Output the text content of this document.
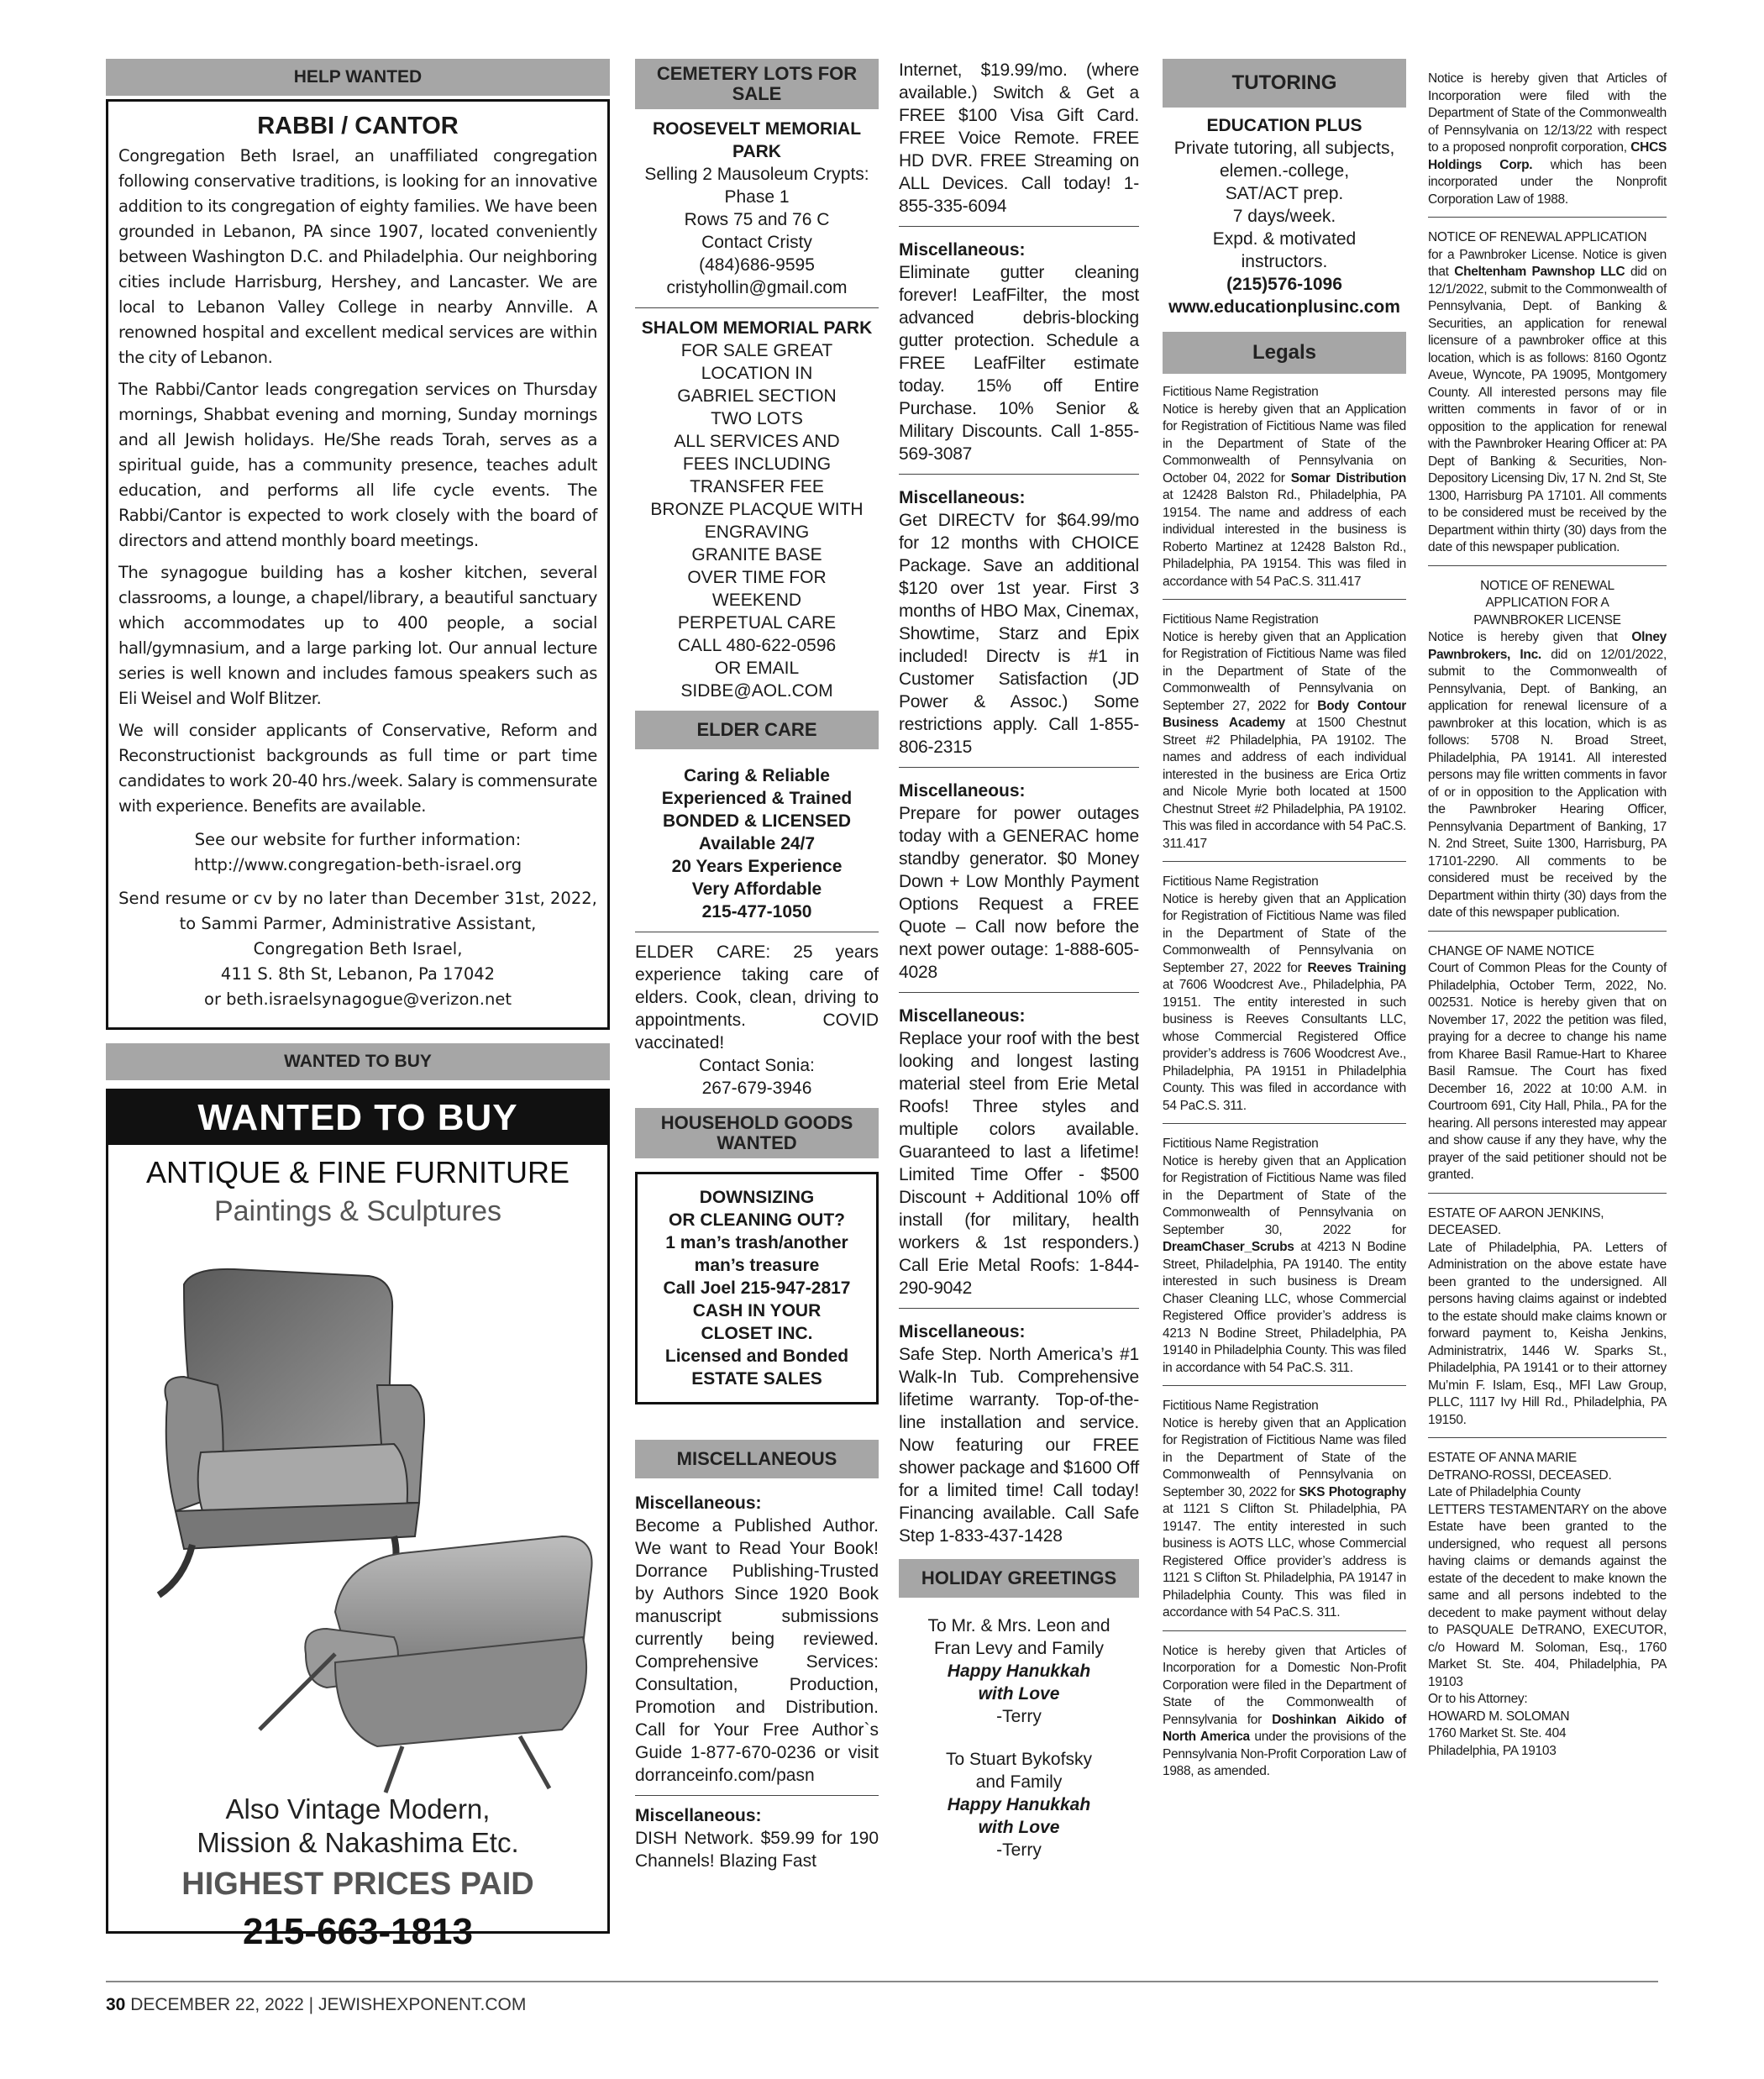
HELP WANTED
RABBI / CANTOR

Congregation Beth Israel, an unaffiliated congregation following conservative traditions, is looking for an innovative addition to its congregation of eighty families. We have been grounded in Lebanon, PA since 1907, located conveniently between Washington D.C. and Philadelphia. Our neighboring cities include Harrisburg, Hershey, and Lancaster. We are local to Lebanon Valley College in nearby Annville. A renowned hospital and excellent medical services are within the city of Lebanon.

The Rabbi/Cantor leads congregation services on Thursday mornings, Shabbat evening and morning, Sunday mornings and all Jewish holidays. He/She reads Torah, serves as a spiritual guide, has a community presence, teaches adult education, and performs all life cycle events. The Rabbi/Cantor is expected to work closely with the board of directors and attend monthly board meetings.

The synagogue building has a kosher kitchen, several classrooms, a lounge, a chapel/library, a beautiful sanctuary which accommodates up to 400 people, a social hall/gymnasium, and a large parking lot. Our annual lecture series is well known and includes famous speakers such as Eli Weisel and Wolf Blitzer.

We will consider applicants of Conservative, Reform and Reconstructionist backgrounds as full time or part time candidates to work 20-40 hrs./week. Salary is commensurate with experience. Benefits are available.

See our website for further information:
http://www.congregation-beth-israel.org
Send resume or cv by no later than December 31st, 2022,
to Sammi Parmer, Administrative Assistant,
Congregation Beth Israel,
411 S. 8th St, Lebanon, Pa 17042
or beth.israelsynagogue@verizon.net
WANTED TO BUY
WANTED TO BUY
ANTIQUE & FINE FURNITURE
Paintings & Sculptures
Also Vintage Modern,
Mission & Nakashima Etc.
HIGHEST PRICES PAID
215-663-1813
CEMETERY LOTS FOR SALE
ROOSEVELT MEMORIAL PARK
Selling 2 Mausoleum Crypts:
Phase 1
Rows 75 and 76 C
Contact Cristy
(484)686-9595
cristyhollin@gmail.com
SHALOM MEMORIAL PARK
FOR SALE GREAT
LOCATION IN
GABRIEL SECTION
TWO LOTS
ALL SERVICES AND
FEES INCLUDING
TRANSFER FEE
BRONZE PLACQUE WITH
ENGRAVING
GRANITE BASE
OVER TIME FOR
WEEKEND
PERPETUAL CARE
CALL 480-622-0596
OR EMAIL
SIDBE@AOL.COM
ELDER CARE
Caring & Reliable
Experienced & Trained
BONDED & LICENSED
Available 24/7
20 Years Experience
Very Affordable
215-477-1050
ELDER CARE: 25 years experience taking care of elders. Cook, clean, driving to appointments. COVID vaccinated!
Contact Sonia:
267-679-3946
HOUSEHOLD GOODS WANTED
DOWNSIZING
OR CLEANING OUT?
1 man’s trash/another
man’s treasure
Call Joel 215-947-2817
CASH IN YOUR
CLOSET INC.
Licensed and Bonded
ESTATE SALES
MISCELLANEOUS
Miscellaneous:
Become a Published Author. We want to Read Your Book! Dorrance Publishing-Trusted by Authors Since 1920 Book manuscript submissions currently being reviewed. Comprehensive Services: Consultation, Production, Promotion and Distribution. Call for Your Free Author`s Guide 1-877-670-0236 or visit dorranceinfo.com/pasn
Miscellaneous:
DISH Network. $59.99 for 190 Channels! Blazing Fast
Internet, $19.99/mo. (where available.) Switch & Get a FREE $100 Visa Gift Card. FREE Voice Remote. FREE HD DVR. FREE Streaming on ALL Devices. Call today! 1-855-335-6094
Miscellaneous:
Eliminate gutter cleaning forever! LeafFilter, the most advanced debris-blocking gutter protection. Schedule a FREE LeafFilter estimate today. 15% off Entire Purchase. 10% Senior & Military Discounts. Call 1-855-569-3087
Miscellaneous:
Get DIRECTV for $64.99/mo for 12 months with CHOICE Package. Save an additional $120 over 1st year. First 3 months of HBO Max, Cinemax, Showtime, Starz and Epix included! Directv is #1 in Customer Satisfaction (JD Power & Assoc.) Some restrictions apply. Call 1-855-806-2315
Miscellaneous:
Prepare for power outages today with a GENERAC home standby generator. $0 Money Down + Low Monthly Payment Options Request a FREE Quote – Call now before the next power outage: 1-888-605-4028
Miscellaneous:
Replace your roof with the best looking and longest lasting material steel from Erie Metal Roofs! Three styles and multiple colors available. Guaranteed to last a lifetime! Limited Time Offer - $500 Discount + Additional 10% off install (for military, health workers & 1st responders.) Call Erie Metal Roofs: 1-844-290-9042
Miscellaneous:
Safe Step. North America’s #1 Walk-In Tub. Comprehensive lifetime warranty. Top-of-the-line installation and service. Now featuring our FREE shower package and $1600 Off for a limited time! Call today! Financing available. Call Safe Step 1-833-437-1428
HOLIDAY GREETINGS
To Mr. & Mrs. Leon and
Fran Levy and Family
Happy Hanukkah
with Love
-Terry
To Stuart Bykofsky
and Family
Happy Hanukkah
with Love
-Terry
TUTORING
EDUCATION PLUS
Private tutoring, all subjects,
elemen.-college,
SAT/ACT prep.
7 days/week.
Expd. & motivated
instructors.
(215)576-1096
www.educationplusinc.com
Legals
Fictitious Name Registration
Notice is hereby given that an Application for Registration of Fictitious Name was filed in the Department of State of the Commonwealth of Pennsylvania on October 04, 2022 for Somar Distribution at 12428 Balston Rd., Philadelphia, PA 19154. The name and address of each individual interested in the business is Roberto Martinez at 12428 Balston Rd., Philadelphia, PA 19154. This was filed in accordance with 54 PaC.S. 311.417
Fictitious Name Registration
Notice is hereby given that an Application for Registration of Fictitious Name was filed in the Department of State of the Commonwealth of Pennsylvania on September 27, 2022 for Body Contour Business Academy at 1500 Chestnut Street #2 Philadelphia, PA 19102. The names and address of each individual interested in the business are Erica Ortiz and Nicole Myrie both located at 1500 Chestnut Street #2 Philadelphia, PA 19102. This was filed in accordance with 54 PaC.S. 311.417
Fictitious Name Registration
Notice is hereby given that an Application for Registration of Fictitious Name was filed in the Department of State of the Commonwealth of Pennsylvania on September 27, 2022 for Reeves Training at 7606 Woodcrest Ave., Philadelphia, PA 19151. The entity interested in such business is Reeves Consultants LLC, whose Commercial Registered Office provider’s address is 7606 Woodcrest Ave., Philadelphia, PA 19151 in Philadelphia County. This was filed in accordance with 54 PaC.S. 311.
Fictitious Name Registration
Notice is hereby given that an Application for Registration of Fictitious Name was filed in the Department of State of the Commonwealth of Pennsylvania on September 30, 2022 for DreamChaser_Scrubs at 4213 N Bodine Street, Philadelphia, PA 19140. The entity interested in such business is Dream Chaser Cleaning LLC, whose Commercial Registered Office provider’s address is 4213 N Bodine Street, Philadelphia, PA 19140 in Philadelphia County. This was filed in accordance with 54 PaC.S. 311.
Fictitious Name Registration
Notice is hereby given that an Application for Registration of Fictitious Name was filed in the Department of State of the Commonwealth of Pennsylvania on September 30, 2022 for SKS Photography at 1121 S Clifton St. Philadelphia, PA 19147. The entity interested in such business is AOTS LLC, whose Commercial Registered Office provider’s address is 1121 S Clifton St. Philadelphia, PA 19147 in Philadelphia County. This was filed in accordance with 54 PaC.S. 311.
Notice is hereby given that Articles of Incorporation for a Domestic Non-Profit Corporation were filed in the Department of State of the Commonwealth of Pennsylvania for Doshinkan Aikido of North America under the provisions of the Pennsylvania Non-Profit Corporation Law of 1988, as amended.
Notice is hereby given that Articles of Incorporation were filed with the Department of State of the Commonwealth of Pennsylvania on 12/13/22 with respect to a proposed nonprofit corporation, CHCS Holdings Corp. which has been incorporated under the Nonprofit Corporation Law of 1988.
NOTICE OF RENEWAL APPLICATION
for a Pawnbroker License. Notice is given that Cheltenham Pawnshop LLC did on 12/1/2022, submit to the Commonwealth of Pennsylvania, Dept. of Banking & Securities, an application for renewal licensure of a pawnbroker office at this location, which is as follows: 8160 Ogontz Aveue, Wyncote, PA 19095, Montgomery County. All interested persons may file written comments in favor of or in opposition to the application for renewal with the Pawnbroker Hearing Officer at: PA Dept of Banking & Securities, Non-Depository Licensing Div, 17 N. 2nd St, Ste 1300, Harrisburg PA 17101. All comments to be considered must be received by the Department within thirty (30) days from the date of this newspaper publication.
NOTICE OF RENEWAL
APPLICATION FOR A
PAWNBROKER LICENSE
Notice is hereby given that Olney Pawnbrokers, Inc. did on 12/01/2022, submit to the Commonwealth of Pennsylvania, Dept. of Banking, an application for renewal licensure of a pawnbroker at this location, which is as follows: 5708 N. Broad Street, Philadelphia, PA 19141. All interested persons may file written comments in favor of or in opposition to the Application with the Pawnbroker Hearing Officer, Pennsylvania Department of Banking, 17 N. 2nd Street, Suite 1300, Harrisburg, PA 17101-2290. All comments to be considered must be received by the Department within thirty (30) days from the date of this newspaper publication.
CHANGE OF NAME NOTICE
Court of Common Pleas for the County of Philadelphia, October Term, 2022, No. 002531. Notice is hereby given that on November 17, 2022 the petition was filed, praying for a decree to change his name from Kharee Basil Ramue-Hart to Kharee Basil Ramsue. The Court has fixed December 16, 2022 at 10:00 A.M. in Courtroom 691, City Hall, Phila., PA for the hearing. All persons interested may appear and show cause if any they have, why the prayer of the said petitioner should not be granted.
ESTATE OF AARON JENKINS,
DECEASED.
Late of Philadelphia, PA. Letters of Administration on the above estate have been granted to the undersigned. All persons having claims against or indebted to the estate should make claims known or forward payment to, Keisha Jenkins, Administratrix, 1446 W. Sparks St., Philadelphia, PA 19141 or to their attorney Mu’min F. Islam, Esq., MFI Law Group, PLLC, 1117 Ivy Hill Rd., Philadelphia, PA 19150.
ESTATE OF ANNA MARIE
DeTRANO-ROSSI, DECEASED.
Late of Philadelphia County
LETTERS TESTAMENTARY on the above Estate have been granted to the undersigned, who request all persons having claims or demands against the estate of the decedent to make known the same and all persons indebted to the decedent to make payment without delay to PASQUALE DeTRANO, EXECUTOR, c/o Howard M. Soloman, Esq., 1760 Market St. Ste. 404, Philadelphia, PA 19103
Or to his Attorney:
HOWARD M. SOLOMAN
1760 Market St. Ste. 404
Philadelphia, PA 19103
30 DECEMBER 22, 2022 | JEWISHEXPONENT.COM
